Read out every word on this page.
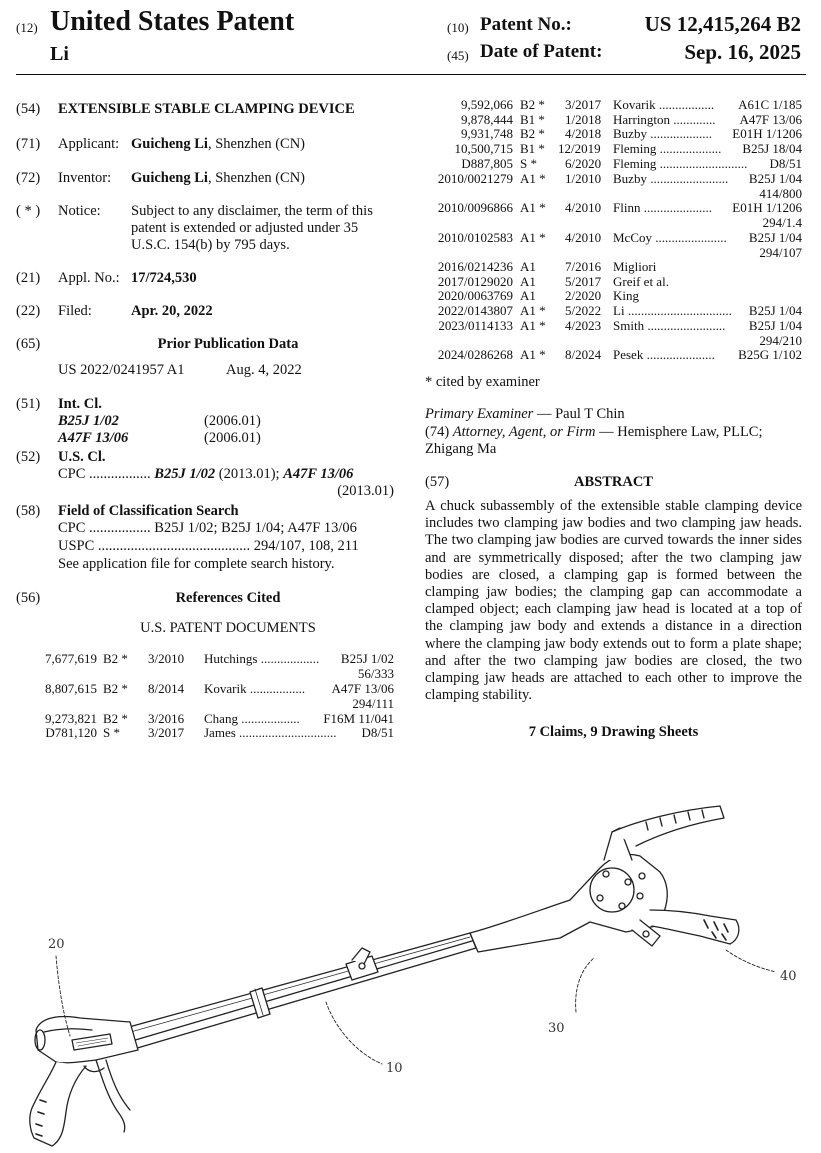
(12) United States Patent
Li
(10) Patent No.:	US 12,415,264 B2
(45) Date of Patent:	Sep. 16, 2025
(54) EXTENSIBLE STABLE CLAMPING DEVICE
(71) Applicant: Guicheng Li, Shenzhen (CN)
(72) Inventor: Guicheng Li, Shenzhen (CN)
( * ) Notice: Subject to any disclaimer, the term of this
patent is extended or adjusted under 35
U.S.C. 154(b) by 795 days.
(21) Appl. No.: 17/724,530
(22) Filed:	Apr. 20, 2022
(65)	Prior Publication Data
US 2022/0241957 A1	Aug. 4, 2022
(51) Int. Cl.
B25J 1/02	(2006.01)
A47F 13/06	(2006.01)
(52) U.S. Cl.
CPC ................. B25J 1/02 (2013.01); A47F 13/06
(2013.01)
(58) Field of Classification Search
CPC ................. B25J 1/02; B25J 1/04; A47F 13/06
USPC .......................................... 294/107, 108, 211
See application file for complete search history.
(56)	References Cited
U.S. PATENT DOCUMENTS
7,677,619 B2 * 3/2010 Hutchings .................. B25J 1/02
56/333
8,807,615 B2 * 8/2014 Kovarik ................. A47F 13/06
294/111
9,273,821 B2 * 3/2016 Chang .................. F16M 11/041
D781,120 S * 3/2017 James .............................. D8/51
9,592,066 B2 * 3/2017 Kovarik ................. A61C 1/185
9,878,444 B1 * 1/2018 Harrington ............. A47F 13/06
9,931,748 B2 * 4/2018 Buzby ................... E01H 1/1206
10,500,715 B1 * 12/2019 Fleming ................... B25J 18/04
D887,805 S * 6/2020 Fleming ........................... D8/51
2010/0021279 A1 * 1/2010 Buzby ........................ B25J 1/04
414/800
2010/0096866 A1 * 4/2010 Flinn ..................... E01H 1/1206
294/1.4
2010/0102583 A1 * 4/2010 McCoy ...................... B25J 1/04
294/107
2016/0214236 A1 7/2016 Migliori
2017/0129020 A1 5/2017 Greif et al.
2020/0063769 A1 2/2020 King
2022/0143807 A1 * 5/2022 Li ................................ B25J 1/04
2023/0114133 A1 * 4/2023 Smith ........................ B25J 1/04
294/210
2024/0286268 A1 * 8/2024 Pesek ..................... B25G 1/102
* cited by examiner
Primary Examiner — Paul T Chin
(74) Attorney, Agent, or Firm — Hemisphere Law, PLLC;
Zhigang Ma
(57)	ABSTRACT
A chuck subassembly of the extensible stable clamping device includes two clamping jaw bodies and two clamping jaw heads. The two clamping jaw bodies are curved towards the inner sides and are symmetrically disposed; after the two clamping jaw bodies are closed, a clamping gap is formed between the clamping jaw bodies; the clamping gap can accommodate a clamped object; each clamping jaw head is located at a top of the clamping jaw body and extends a distance in a direction where the clamping jaw body extends out to form a plate shape; and after the two clamping jaw bodies are closed, the two clamping jaw heads are attached to each other to improve the clamping stability.
7 Claims, 9 Drawing Sheets
20
10
30
40
